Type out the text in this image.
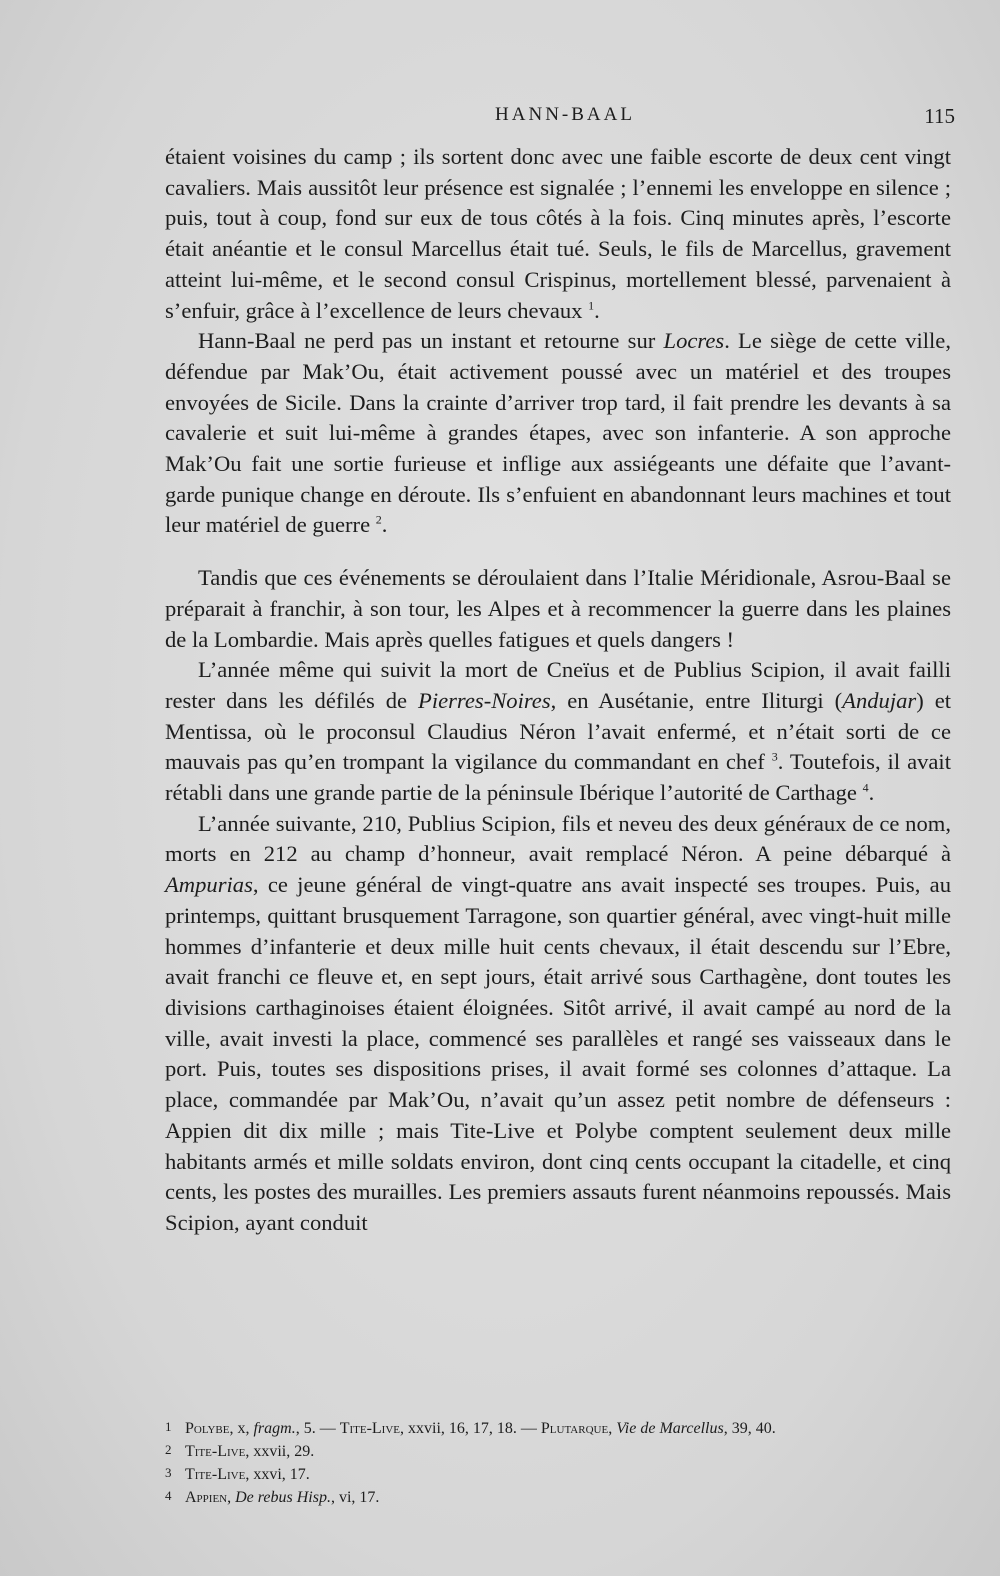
HANN-BAAL	115

étaient voisines du camp ; ils sortent donc avec une faible escorte de deux cent vingt cavaliers. Mais aussitôt leur présence est signalée ; l’ennemi les enveloppe en silence ; puis, tout à coup, fond sur eux de tous côtés à la fois. Cinq minutes après, l’escorte était anéantie et le consul Marcellus était tué. Seuls, le fils de Marcellus, gravement atteint lui-même, et le second consul Crispinus, mortellement blessé, parvenaient à s’enfuir, grâce à l’excellence de leurs chevaux $^1$.

Hann-Baal ne perd pas un instant et retourne sur Locres. Le siège de cette ville, défendue par Mak’Ou, était activement poussé avec un matériel et des troupes envoyées de Sicile. Dans la crainte d’arriver trop tard, il fait prendre les devants à sa cavalerie et suit lui-même à grandes étapes, avec son infanterie. A son approche Mak’Ou fait une sortie furieuse et inflige aux assiégeants une défaite que l’avant-garde punique change en déroute. Ils s’enfuient en abandonnant leurs machines et tout leur matériel de guerre $^2$.

Tandis que ces événements se déroulaient dans l’Italie Méridionale, Asrou-Baal se préparait à franchir, à son tour, les Alpes et à recommencer la guerre dans les plaines de la Lombardie. Mais après quelles fatigues et quels dangers !

L’année même qui suivit la mort de Cneïus et de Publius Scipion, il avait failli rester dans les défilés de Pierres-Noires, en Ausétanie, entre Iliturgi (Andujar) et Mentissa, où le proconsul Claudius Néron l’avait enfermé, et n’était sorti de ce mauvais pas qu’en trompant la vigilance du commandant en chef $^3$. Toutefois, il avait rétabli dans une grande partie de la péninsule Ibérique l’autorité de Carthage $^4$.

L’année suivante, 210, Publius Scipion, fils et neveu des deux généraux de ce nom, morts en 212 au champ d’honneur, avait remplacé Néron. A peine débarqué à Ampurias, ce jeune général de vingt-quatre ans avait inspecté ses troupes. Puis, au printemps, quittant brusquement Tarragone, son quartier général, avec vingt-huit mille hommes d’infanterie et deux mille huit cents chevaux, il était descendu sur l’Ebre, avait franchi ce fleuve et, en sept jours, était arrivé sous Carthagène, dont toutes les divisions carthaginoises étaient éloignées. Sitôt arrivé, il avait campé au nord de la ville, avait investi la place, commencé ses parallèles et rangé ses vaisseaux dans le port. Puis, toutes ses dispositions prises, il avait formé ses colonnes d’attaque. La place, commandée par Mak’Ou, n’avait qu’un assez petit nombre de défenseurs : Appien dit dix mille ; mais Tite-Live et Polybe comptent seulement deux mille habitants armés et mille soldats environ, dont cinq cents occupant la citadelle, et cinq cents, les postes des murailles. Les premiers assauts furent néanmoins repoussés. Mais Scipion, ayant conduit

1 Polybe, x, fragm., 5. — Tite-Live, xxvii, 16, 17, 18. — Plutarque, Vie de Marcellus, 39, 40.
2 Tite-Live, xxvii, 29.
3 Tite-Live, xxvi, 17.
4 Appien, De rebus Hisp., vi, 17.
